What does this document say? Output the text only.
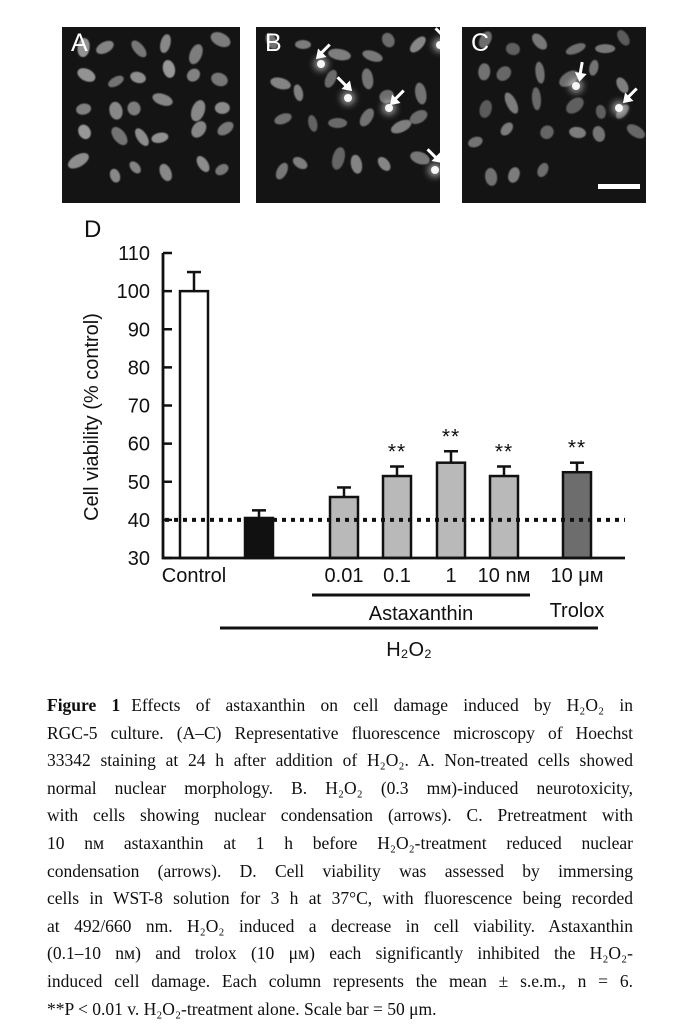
A	B	C
D
Control	0.01
**
0.1
**
1
**
10 nᴍ
**
10 μᴍ
Trolox
30
40
50
60
70
80
90
100
110
Cell viability (% control)
Astaxanthin
H₂O₂
Figure 1 Effects of astaxanthin on cell damage induced by H₂O₂ in
RGC-5 culture. (A–C) Representative fluorescence microscopy of Hoechst
33342 staining at 24 h after addition of H₂O₂. A. Non-treated cells showed
normal nuclear morphology. B. H₂O₂ (0.3 mᴍ)-induced neurotoxicity,
with cells showing nuclear condensation (arrows). C. Pretreatment with
10 nᴍ astaxanthin at 1 h before H₂O₂-treatment reduced nuclear
condensation (arrows). D. Cell viability was assessed by immersing
cells in WST-8 solution for 3 h at 37°C, with fluorescence being recorded
at 492/660 nm. H₂O₂ induced a decrease in cell viability. Astaxanthin
(0.1–10 nᴍ) and trolox (10 μᴍ) each significantly inhibited the H₂O₂-
induced cell damage. Each column represents the mean ± s.e.m., n = 6.
**P < 0.01 v. H₂O₂-treatment alone. Scale bar = 50 μm.
